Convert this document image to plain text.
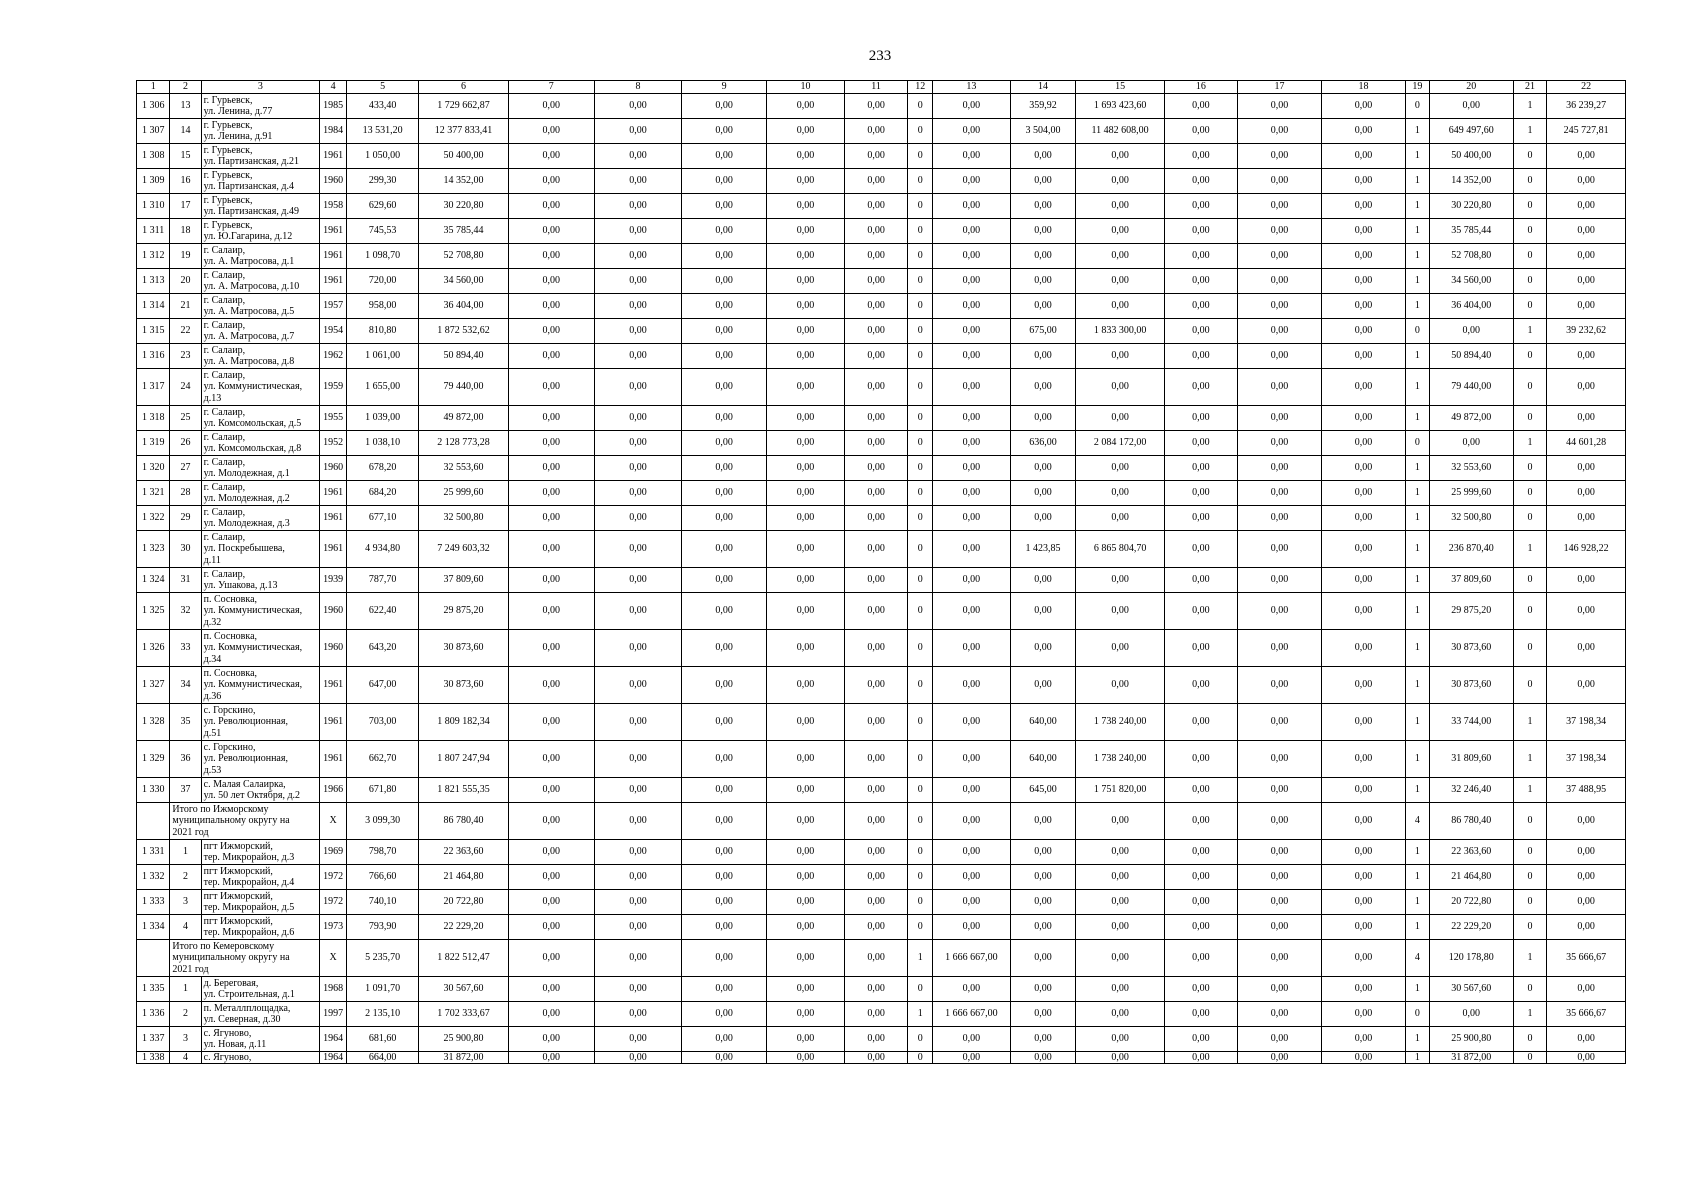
233
1	2	3	4	5	6	7	8	9	10	11	12	13	14	15	16	17	18	19	20	21	22
1 306	13	г. Гурьевск,
ул. Ленина, д.77	1985	433,40	1 729 662,87	0,00	0,00	0,00	0,00	0,00	0	0,00	359,92	1 693 423,60	0,00	0,00	0,00	0	0,00	1	36 239,27
1 307	14	г. Гурьевск,
ул. Ленина, д.91	1984	13 531,20	12 377 833,41	0,00	0,00	0,00	0,00	0,00	0	0,00	3 504,00	11 482 608,00	0,00	0,00	0,00	1	649 497,60	1	245 727,81
1 308	15	г. Гурьевск,
ул. Партизанская, д.21	1961	1 050,00	50 400,00	0,00	0,00	0,00	0,00	0,00	0	0,00	0,00	0,00	0,00	0,00	0,00	1	50 400,00	0	0,00
1 309	16	г. Гурьевск,
ул. Партизанская, д.4	1960	299,30	14 352,00	0,00	0,00	0,00	0,00	0,00	0	0,00	0,00	0,00	0,00	0,00	0,00	1	14 352,00	0	0,00
1 310	17	г. Гурьевск,
ул. Партизанская, д.49	1958	629,60	30 220,80	0,00	0,00	0,00	0,00	0,00	0	0,00	0,00	0,00	0,00	0,00	0,00	1	30 220,80	0	0,00
1 311	18	г. Гурьевск,
ул. Ю.Гагарина, д.12	1961	745,53	35 785,44	0,00	0,00	0,00	0,00	0,00	0	0,00	0,00	0,00	0,00	0,00	0,00	1	35 785,44	0	0,00
1 312	19	г. Салаир,
ул. А. Матросова, д.1	1961	1 098,70	52 708,80	0,00	0,00	0,00	0,00	0,00	0	0,00	0,00	0,00	0,00	0,00	0,00	1	52 708,80	0	0,00
1 313	20	г. Салаир,
ул. А. Матросова, д.10	1961	720,00	34 560,00	0,00	0,00	0,00	0,00	0,00	0	0,00	0,00	0,00	0,00	0,00	0,00	1	34 560,00	0	0,00
1 314	21	г. Салаир,
ул. А. Матросова, д.5	1957	958,00	36 404,00	0,00	0,00	0,00	0,00	0,00	0	0,00	0,00	0,00	0,00	0,00	0,00	1	36 404,00	0	0,00
1 315	22	г. Салаир,
ул. А. Матросова, д.7	1954	810,80	1 872 532,62	0,00	0,00	0,00	0,00	0,00	0	0,00	675,00	1 833 300,00	0,00	0,00	0,00	0	0,00	1	39 232,62
1 316	23	г. Салаир,
ул. А. Матросова, д.8	1962	1 061,00	50 894,40	0,00	0,00	0,00	0,00	0,00	0	0,00	0,00	0,00	0,00	0,00	0,00	1	50 894,40	0	0,00
1 317	24	г. Салаир,
ул. Коммунистическая,
д.13	1959	1 655,00	79 440,00	0,00	0,00	0,00	0,00	0,00	0	0,00	0,00	0,00	0,00	0,00	0,00	1	79 440,00	0	0,00
1 318	25	г. Салаир,
ул. Комсомольская, д.5	1955	1 039,00	49 872,00	0,00	0,00	0,00	0,00	0,00	0	0,00	0,00	0,00	0,00	0,00	0,00	1	49 872,00	0	0,00
1 319	26	г. Салаир,
ул. Комсомольская, д.8	1952	1 038,10	2 128 773,28	0,00	0,00	0,00	0,00	0,00	0	0,00	636,00	2 084 172,00	0,00	0,00	0,00	0	0,00	1	44 601,28
1 320	27	г. Салаир,
ул. Молодежная, д.1	1960	678,20	32 553,60	0,00	0,00	0,00	0,00	0,00	0	0,00	0,00	0,00	0,00	0,00	0,00	1	32 553,60	0	0,00
1 321	28	г. Салаир,
ул. Молодежная, д.2	1961	684,20	25 999,60	0,00	0,00	0,00	0,00	0,00	0	0,00	0,00	0,00	0,00	0,00	0,00	1	25 999,60	0	0,00
1 322	29	г. Салаир,
ул. Молодежная, д.3	1961	677,10	32 500,80	0,00	0,00	0,00	0,00	0,00	0	0,00	0,00	0,00	0,00	0,00	0,00	1	32 500,80	0	0,00
1 323	30	г. Салаир,
ул. Поскребышева,
д.11	1961	4 934,80	7 249 603,32	0,00	0,00	0,00	0,00	0,00	0	0,00	1 423,85	6 865 804,70	0,00	0,00	0,00	1	236 870,40	1	146 928,22
1 324	31	г. Салаир,
ул. Ушакова, д.13	1939	787,70	37 809,60	0,00	0,00	0,00	0,00	0,00	0	0,00	0,00	0,00	0,00	0,00	0,00	1	37 809,60	0	0,00
1 325	32	п. Сосновка,
ул. Коммунистическая,
д.32	1960	622,40	29 875,20	0,00	0,00	0,00	0,00	0,00	0	0,00	0,00	0,00	0,00	0,00	0,00	1	29 875,20	0	0,00
1 326	33	п. Сосновка,
ул. Коммунистическая,
д.34	1960	643,20	30 873,60	0,00	0,00	0,00	0,00	0,00	0	0,00	0,00	0,00	0,00	0,00	0,00	1	30 873,60	0	0,00
1 327	34	п. Сосновка,
ул. Коммунистическая,
д.36	1961	647,00	30 873,60	0,00	0,00	0,00	0,00	0,00	0	0,00	0,00	0,00	0,00	0,00	0,00	1	30 873,60	0	0,00
1 328	35	с. Горскино,
ул. Революционная,
д.51	1961	703,00	1 809 182,34	0,00	0,00	0,00	0,00	0,00	0	0,00	640,00	1 738 240,00	0,00	0,00	0,00	1	33 744,00	1	37 198,34
1 329	36	с. Горскино,
ул. Революционная,
д.53	1961	662,70	1 807 247,94	0,00	0,00	0,00	0,00	0,00	0	0,00	640,00	1 738 240,00	0,00	0,00	0,00	1	31 809,60	1	37 198,34
1 330	37	с. Малая Салаирка,
ул. 50 лет Октября, д.2	1966	671,80	1 821 555,35	0,00	0,00	0,00	0,00	0,00	0	0,00	645,00	1 751 820,00	0,00	0,00	0,00	1	32 246,40	1	37 488,95
	Итого по Ижморскому
муниципальному округу на
2021 год		X	3 099,30	86 780,40	0,00	0,00	0,00	0,00	0,00	0	0,00	0,00	0,00	0,00	0,00	0,00	4	86 780,40	0	0,00
1 331	1	пгт Ижморский,
тер. Микрорайон, д.3	1969	798,70	22 363,60	0,00	0,00	0,00	0,00	0,00	0	0,00	0,00	0,00	0,00	0,00	0,00	1	22 363,60	0	0,00
1 332	2	пгт Ижморский,
тер. Микрорайон, д.4	1972	766,60	21 464,80	0,00	0,00	0,00	0,00	0,00	0	0,00	0,00	0,00	0,00	0,00	0,00	1	21 464,80	0	0,00
1 333	3	пгт Ижморский,
тер. Микрорайон, д.5	1972	740,10	20 722,80	0,00	0,00	0,00	0,00	0,00	0	0,00	0,00	0,00	0,00	0,00	0,00	1	20 722,80	0	0,00
1 334	4	пгт Ижморский,
тер. Микрорайон, д.6	1973	793,90	22 229,20	0,00	0,00	0,00	0,00	0,00	0	0,00	0,00	0,00	0,00	0,00	0,00	1	22 229,20	0	0,00
	Итого по Кемеровскому
муниципальному округу на
2021 год		X	5 235,70	1 822 512,47	0,00	0,00	0,00	0,00	0,00	1	1 666 667,00	0,00	0,00	0,00	0,00	0,00	4	120 178,80	1	35 666,67
1 335	1	д. Береговая,
ул. Строительная, д.1	1968	1 091,70	30 567,60	0,00	0,00	0,00	0,00	0,00	0	0,00	0,00	0,00	0,00	0,00	0,00	1	30 567,60	0	0,00
1 336	2	п. Металлплощадка,
ул. Северная, д.30	1997	2 135,10	1 702 333,67	0,00	0,00	0,00	0,00	0,00	1	1 666 667,00	0,00	0,00	0,00	0,00	0,00	0	0,00	1	35 666,67
1 337	3	с. Ягуново,
ул. Новая, д.11	1964	681,60	25 900,80	0,00	0,00	0,00	0,00	0,00	0	0,00	0,00	0,00	0,00	0,00	0,00	1	25 900,80	0	0,00
1 338	4	с. Ягуново,	1964	664,00	31 872,00	0,00	0,00	0,00	0,00	0,00	0	0,00	0,00	0,00	0,00	0,00	0,00	1	31 872,00	0	0,00
